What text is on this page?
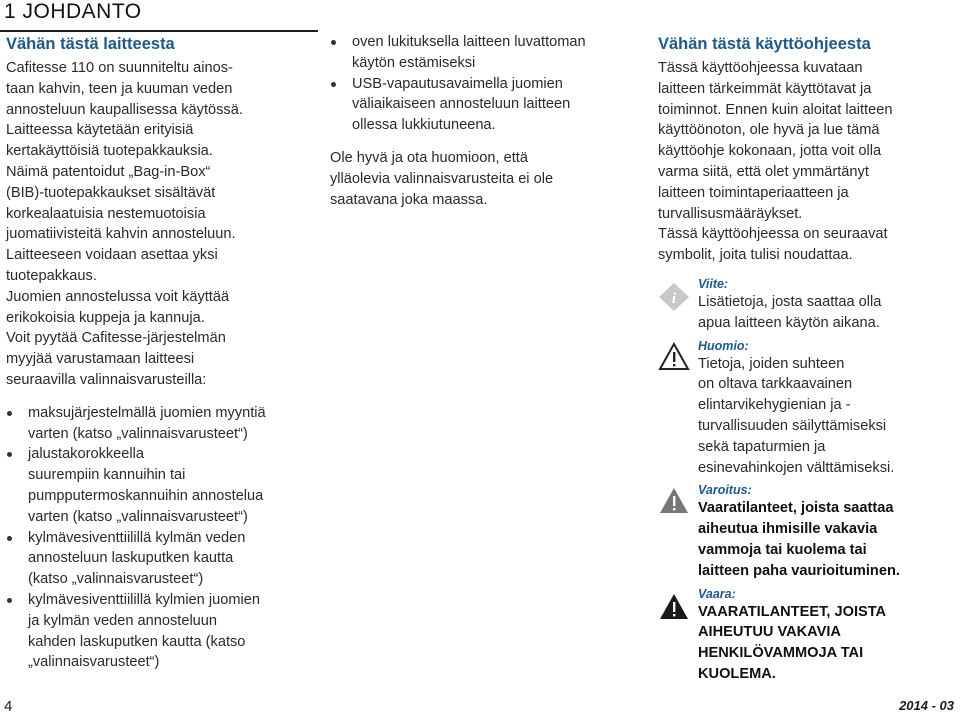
1 JOHDANTO
Vähän tästä laitteesta
Cafitesse 110 on suunniteltu ainos-
taan kahvin, teen ja kuuman veden
annosteluun kaupallisessa käytössä.
Laitteessa käytetään erityisiä
kertakäyttöisiä tuotepakkauksia.
Näimä patentoidut „Bag-in-Box“
(BIB)-tuotepakkaukset sisältävät
korkealaatuisia nestemuotoisia
juomatiivisteitä kahvin annosteluun.
Laitteeseen voidaan asettaa yksi
tuotepakkaus.
Juomien annostelussa voit käyttää
erikokoisia kuppeja ja kannuja.
Voit pyytää Cafitesse-järjestelmän
myyjää varustamaan laitteesi
seuraavilla valinnaisvarusteilla:
maksujärjestelmällä juomien myyntiä
varten (katso „valinnaisvarusteet“)
jalustakorokkeella
suurempiin kannuihin tai
pumpputermoskannuihin annostelua
varten (katso „valinnaisvarusteet“)
kylmävesiventtiilillä kylmän veden
annosteluun laskuputken kautta
(katso „valinnaisvarusteet“)
kylmävesiventtiilillä kylmien juomien
ja kylmän veden annosteluun
kahden laskuputken kautta (katso
„valinnaisvarusteet“)
oven lukituksella laitteen luvattoman
käytön estämiseksi
USB-vapautusavaimella juomien
väliaikaiseen annosteluun laitteen
ollessa lukkiutuneena.
Ole hyvä ja ota huomioon, että
ylläolevia valinnaisvarusteita ei ole
saatavana joka maassa.
Vähän tästä käyttöohjeesta
Tässä käyttöohjeessa kuvataan
laitteen tärkeimmät käyttötavat ja
toiminnot. Ennen kuin aloitat laitteen
käyttöönoton, ole hyvä ja lue tämä
käyttöohje kokonaan, jotta voit olla
varma siitä, että olet ymmärtänyt
laitteen toimintaperiaatteen ja
turvallisusmääräykset.
Tässä käyttöohjeessa on seuraavat
symbolit, joita tulisi noudattaa.
i
Viite:
Lisätietoja, josta saattaa olla
apua laitteen käytön aikana.
Huomio:
Tietoja, joiden suhteen
on oltava tarkkaavainen
elintarvikehygienian ja -
turvallisuuden säilyttämiseksi
sekä tapaturmien ja
esinevahinkojen välttämiseksi.
Varoitus:
Vaaratilanteet, joista saattaa
aiheutua ihmisille vakavia
vammoja tai kuolema tai
laitteen paha vaurioituminen.
Vaara:
VAARATILANTEET, JOISTA
AIHEUTUU VAKAVIA
HENKILÖVAMMOJA TAI
KUOLEMA.
4	2014 - 03
